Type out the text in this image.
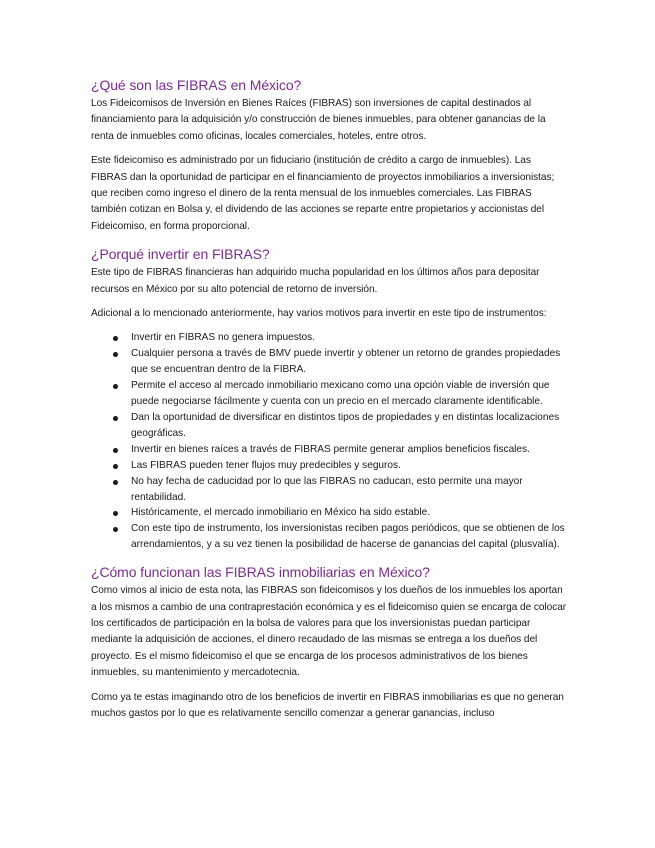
¿Qué son las FIBRAS en México?

Los Fideicomisos de Inversión en Bienes Raíces (FIBRAS) son inversiones de capital destinados al financiamiento para la adquisición y/o construcción de bienes inmuebles, para obtener ganancias de la renta de inmuebles como oficinas, locales comerciales, hoteles, entre otros.

Este fideicomiso es administrado por un fiduciario (institución de crédito a cargo de inmuebles). Las FIBRAS dan la oportunidad de participar en el financiamiento de proyectos inmobiliarios a inversionistas; que reciben como ingreso el dinero de la renta mensual de los inmuebles comerciales. Las FIBRAS también cotizan en Bolsa y, el dividendo de las acciones se reparte entre propietarios y accionistas del Fideicomiso, en forma proporcional.

¿Porqué invertir en FIBRAS?

Este tipo de FIBRAS financieras han adquirido mucha popularidad en los últimos años para depositar recursos en México por su alto potencial de retorno de inversión.

Adicional a lo mencionado anteriormente, hay varios motivos para invertir en este tipo de instrumentos:

Invertir en FIBRAS no genera impuestos.
Cualquier persona a través de BMV puede invertir y obtener un retorno de grandes propiedades que se encuentran dentro de la FIBRA.
Permite el acceso al mercado inmobiliario mexicano como una opción viable de inversión que puede negociarse fácilmente y cuenta con un precio en el mercado claramente identificable.
Dan la oportunidad de diversificar en distintos tipos de propiedades y en distintas localizaciones geográficas.
Invertir en bienes raíces a través de FIBRAS permite generar amplios beneficios fiscales.
Las FIBRAS pueden tener flujos muy predecibles y seguros.
No hay fecha de caducidad por lo que las FIBRAS no caducan, esto permite una mayor rentabilidad.
Históricamente, el mercado inmobiliario en México ha sido estable.
Con este tipo de instrumento, los inversionistas reciben pagos periódicos, que se obtienen de los arrendamientos, y a su vez tienen la posibilidad de hacerse de ganancias del capital (plusvalía).
¿Cómo funcionan las FIBRAS inmobiliarias en México?

Como vimos al inicio de esta nota, las FIBRAS son fideicomisos y los dueños de los inmuebles los aportan a los mismos a cambio de una contraprestación económica y es el fideicomiso quien se encarga de colocar los certificados de participación en la bolsa de valores para que los inversionistas puedan participar mediante la adquisición de acciones, el dinero recaudado de las mismas se entrega a los dueños del proyecto. Es el mismo fideicomiso el que se encarga de los procesos administrativos de los bienes inmuebles, su mantenimiento y mercadotecnia.

Como ya te estas imaginando otro de los beneficios de invertir en FIBRAS inmobiliarias es que no generan muchos gastos por lo que es relativamente sencillo comenzar a generar ganancias, incluso
